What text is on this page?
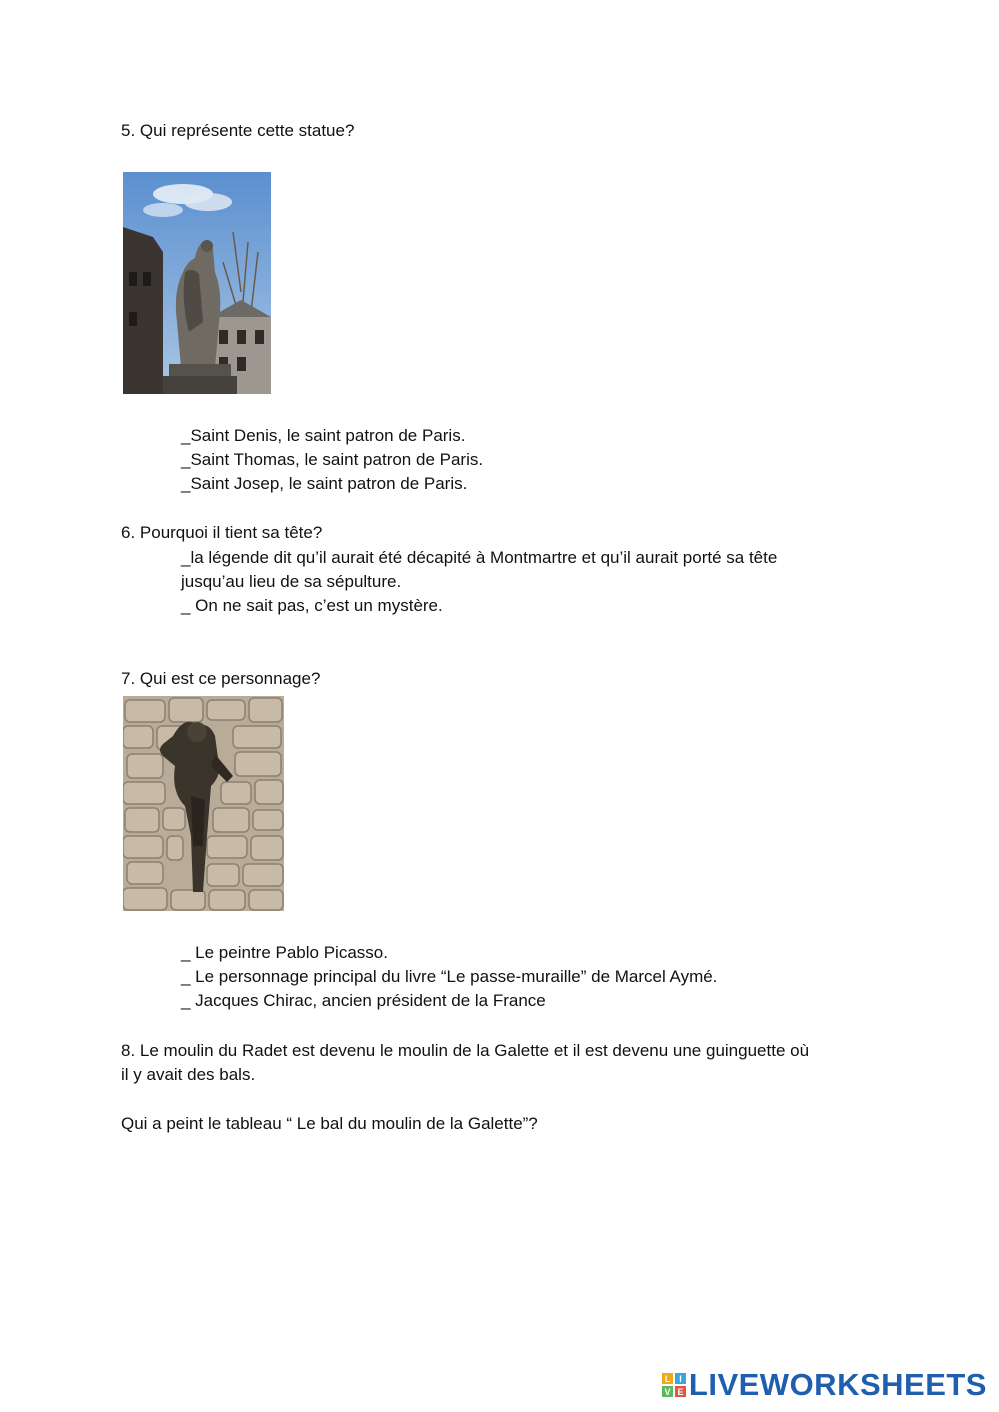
5. Qui représente cette statue?
_Saint Denis, le saint patron de Paris.
_Saint Thomas, le saint patron de Paris.
_Saint Josep, le saint patron de Paris.
6. Pourquoi il tient sa tête?
_la légende dit qu’il aurait été décapité à Montmartre et qu’il aurait porté sa tête
jusqu’au lieu de sa sépulture.
_ On ne sait pas, c’est un mystère.
7. Qui est ce personnage?
_ Le peintre Pablo Picasso.
_ Le personnage principal du livre “Le passe-muraille” de Marcel Aymé.
_ Jacques Chirac, ancien président de la France
8. Le moulin du Radet est devenu le moulin de la Galette et il est devenu une guinguette où
il y avait des bals.
Qui a peint le tableau “ Le bal du moulin de la Galette”?
L I
V E LIVEWORKSHEETS
